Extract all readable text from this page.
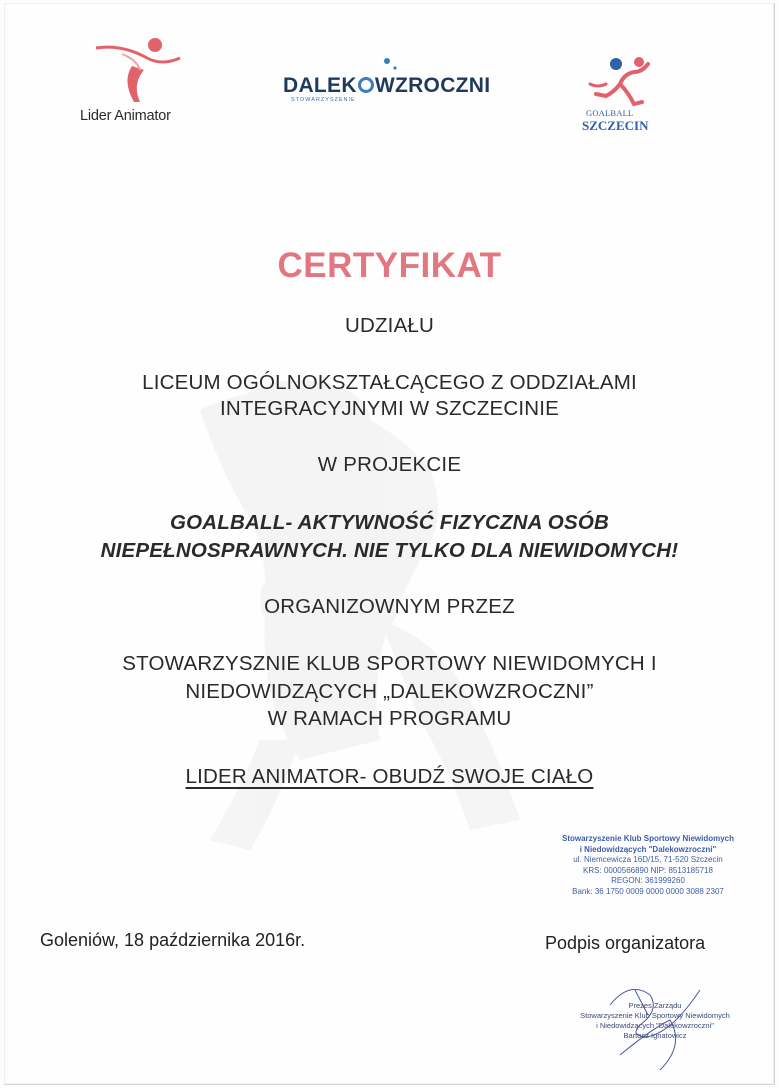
Lider Animator
DALEK WZROCZNI
STOWARZYSZENIE
GOALBALL
SZCZECIN
CERTYFIKAT
UDZIAŁU
LICEUM OGÓLNOKSZTAŁCĄCEGO Z ODDZIAŁAMI
INTEGRACYJNYMI W SZCZECINIE
W PROJEKCIE
GOALBALL- AKTYWNOŚĆ FIZYCZNA OSÓB
NIEPEŁNOSPRAWNYCH. NIE TYLKO DLA NIEWIDOMYCH!
ORGANIZOWNYM PRZEZ
STOWARZYSZNIE KLUB SPORTOWY NIEWIDOMYCH I
NIEDOWIDZĄCYCH „DALEKOWZROCZNI”
W RAMACH PROGRAMU
LIDER ANIMATOR- OBUDŹ SWOJE CIAŁO
Stowarzyszenie Klub Sportowy Niewidomych
i Niedowidzących "Dalekowzroczni"
ul. Niemcewicza 16D/15, 71-520 Szczecin
KRS: 0000566890 NIP: 8513185718
REGON: 361999260
Bank: 36 1750 0009 0000 0000 3088 2307
Goleniów, 18 października 2016r.	Podpis organizatora
Prezes Zarządu
Stowarzyszenie Klub Sportowy Niewidomych
i Niedowidzących "Dalekowzroczni"
Bartosz Ignatowicz
